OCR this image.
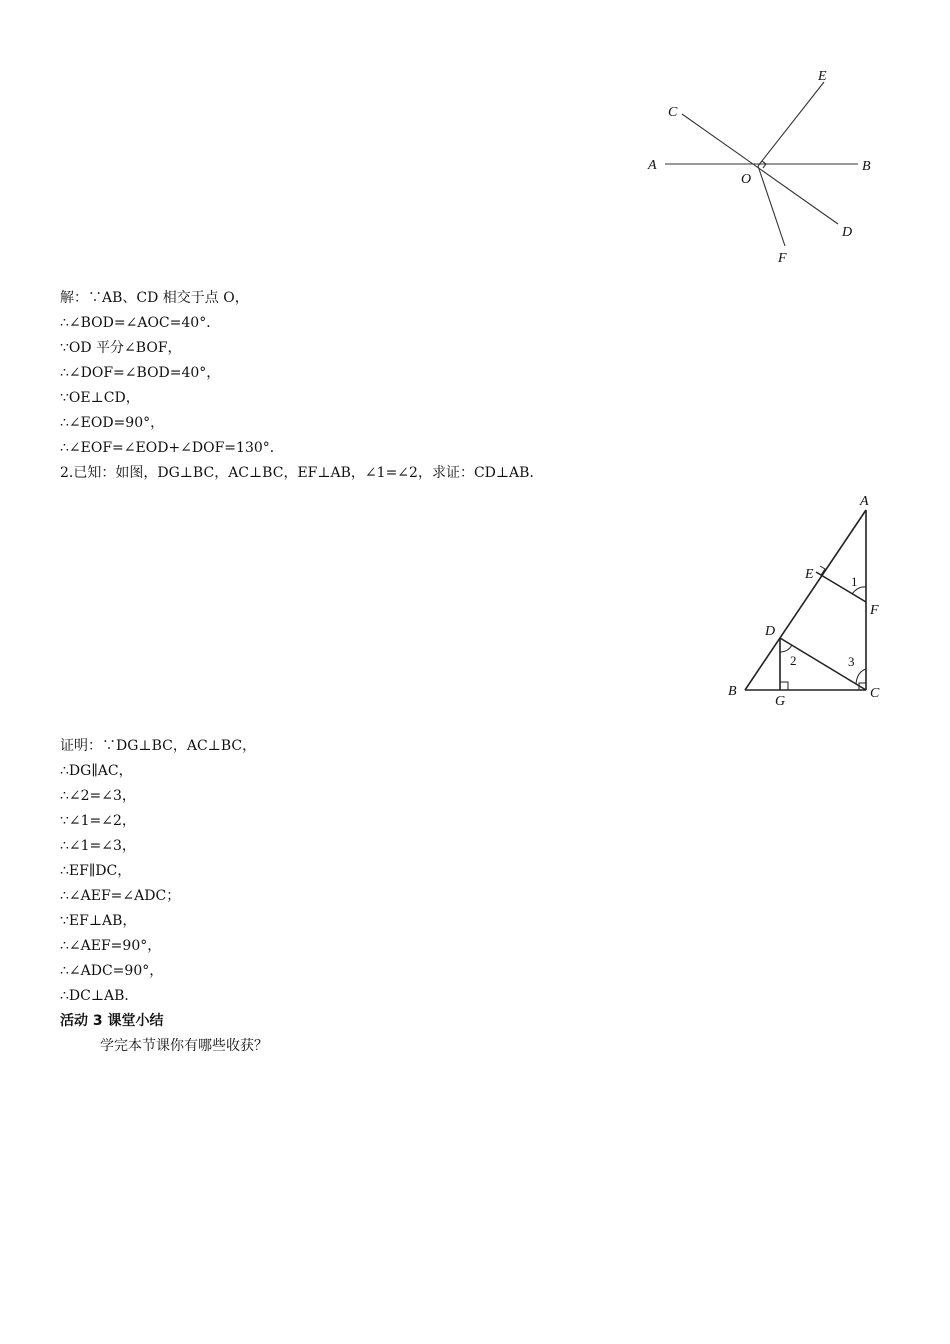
A	B
C
D
E
F
O

解：∵AB、CD 相交于点 O，

∴∠BOD=∠AOC=40°．

∵OD 平分∠BOF，

∴∠DOF=∠BOD=40°，

∵OE⊥CD，

∴∠EOD=90°，

∴∠EOF=∠EOD+∠DOF=130°．

2.已知：如图，DG⊥BC，AC⊥BC，EF⊥AB，∠1=∠2，求证：CD⊥AB．

A
B	C
D
E
F
G
1
2	3

证明：∵DG⊥BC，AC⊥BC，

∴DG∥AC，

∴∠2=∠3，

∵∠1=∠2，

∴∠1=∠3，

∴EF∥DC，

∴∠AEF=∠ADC；

∵EF⊥AB，

∴∠AEF=90°，

∴∠ADC=90°，

∴DC⊥AB．

活动 3 课堂小结

学完本节课你有哪些收获？
